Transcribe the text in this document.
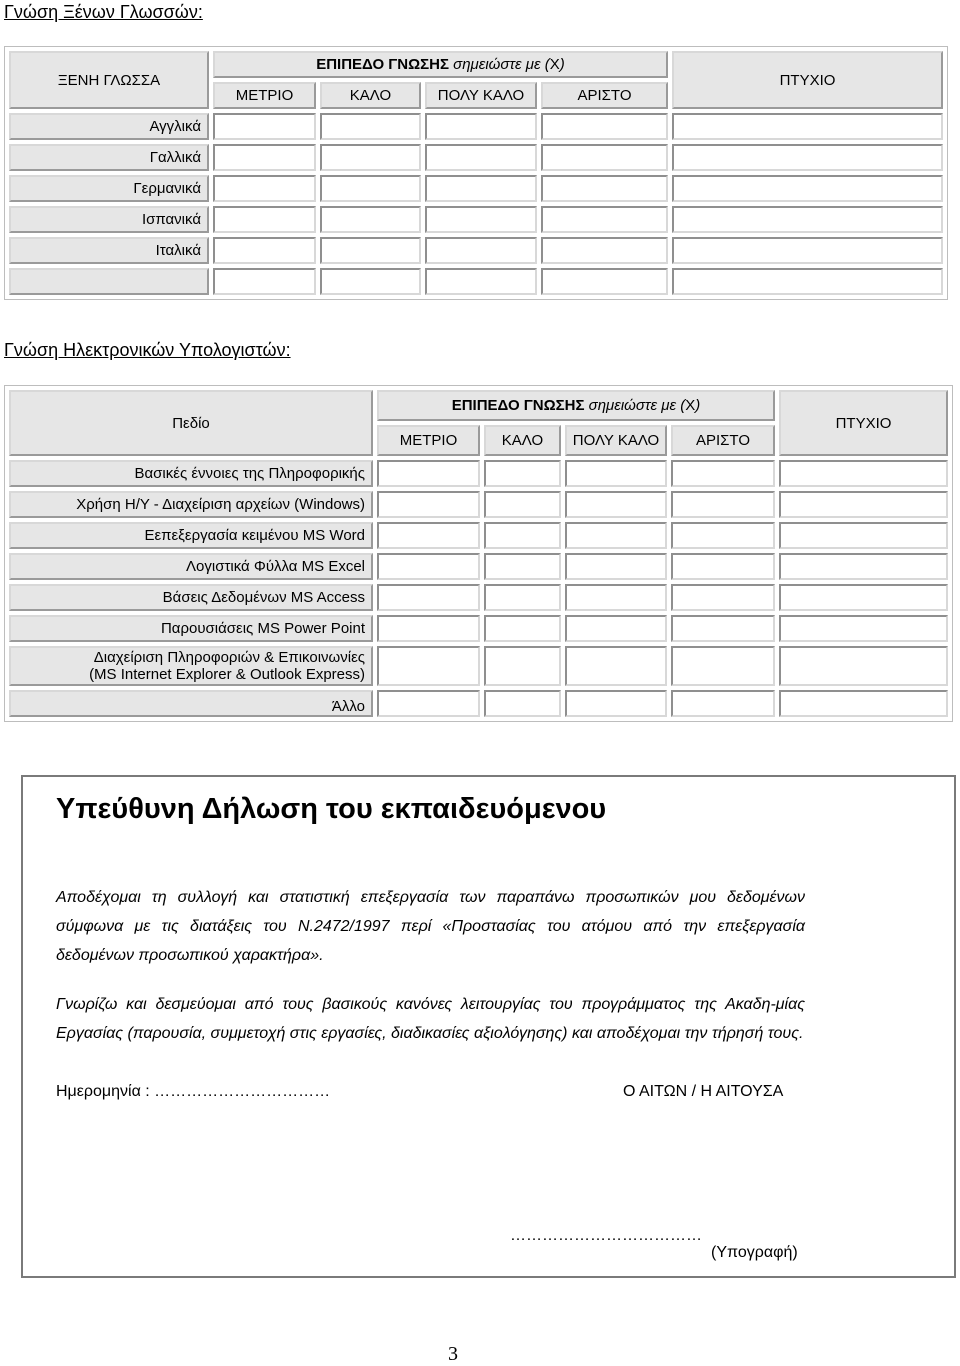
Γνώση Ξένων Γλωσσών:
ΞΕΝΗ ΓΛΩΣΣΑ	ΕΠΙΠΕΔΟ ΓΝΩΣΗΣ σημειώστε με (Χ)				ΠΤΥΧΙΟ
	ΜΕΤΡΙΟ	ΚΑΛΟ	ΠΟΛΥ ΚΑΛΟ	ΑΡΙΣΤΟ	
Αγγλικά					
Γαλλικά					
Γερμανικά					
Ισπανικά					
Ιταλικά					

Γνώση Ηλεκτρονικών Υπολογιστών:
Πεδίο	ΕΠΙΠΕΔΟ ΓΝΩΣΗΣ σημειώστε με (Χ)				ΠΤΥΧΙΟ
	ΜΕΤΡΙΟ	ΚΑΛΟ	ΠΟΛΥ ΚΑΛΟ	ΑΡΙΣΤΟ	
Βασικές έννοιες της Πληροφορικής					
Χρήση Η/Υ - Διαχείριση αρχείων (Windows)					
Εεπεξεργασία κειμένου MS Word					
Λογιστικά Φύλλα MS Excel					
Βάσεις Δεδομένων MS Access					
Παρουσιάσεις MS Power Point					
Διαχείριση Πληροφοριών & Επικοινωνίες
(MS Internet Explorer & Outlook Express)					
Άλλο					
Υπεύθυνη Δήλωση του εκπαιδευόμενου

Αποδέχομαι τη συλλογή και στατιστική επεξεργασία των παραπάνω προσωπικών μου δεδομένων σύμφωνα με τις διατάξεις του Ν.2472/1997 περί «Προστασίας του ατόμου από την επεξεργασία δεδομένων προσωπικού χαρακτήρα».

Γνωρίζω και δεσμεύομαι από τους βασικούς κανόνες λειτουργίας του προγράμματος της Ακαδη-μίας Εργασίας (παρουσία, συμμετοχή στις εργασίες, διαδικασίες αξιολόγησης) και αποδέχομαι την τήρησή τους.

Ημερομηνία : ……………………………	Ο ΑΙΤΩΝ / Η ΑΙΤΟΥΣΑ
………………………………
(Υπογραφή)
3
